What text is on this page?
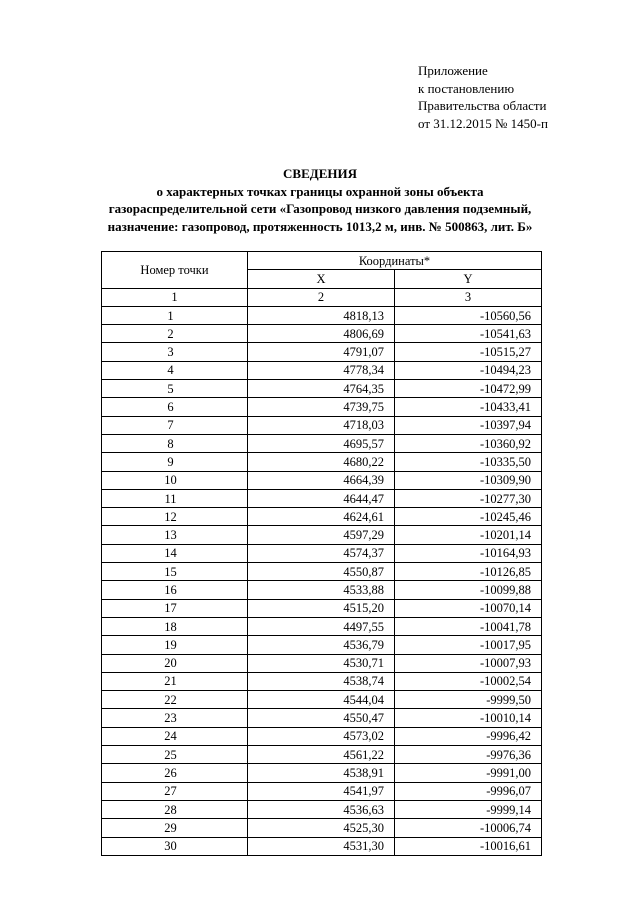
Приложение
к постановлению
Правительства области
от 31.12.2015 № 1450-п
СВЕДЕНИЯ
о характерных точках границы охранной зоны объекта
газораспределительной сети «Газопровод низкого давления подземный,
назначение: газопровод, протяженность 1013,2 м, инв. № 500863, лит. Б»
Номер точки	Координаты*	
	X	Y
1	2	3
1	4818,13	-10560,56
2	4806,69	-10541,63
3	4791,07	-10515,27
4	4778,34	-10494,23
5	4764,35	-10472,99
6	4739,75	-10433,41
7	4718,03	-10397,94
8	4695,57	-10360,92
9	4680,22	-10335,50
10	4664,39	-10309,90
11	4644,47	-10277,30
12	4624,61	-10245,46
13	4597,29	-10201,14
14	4574,37	-10164,93
15	4550,87	-10126,85
16	4533,88	-10099,88
17	4515,20	-10070,14
18	4497,55	-10041,78
19	4536,79	-10017,95
20	4530,71	-10007,93
21	4538,74	-10002,54
22	4544,04	-9999,50
23	4550,47	-10010,14
24	4573,02	-9996,42
25	4561,22	-9976,36
26	4538,91	-9991,00
27	4541,97	-9996,07
28	4536,63	-9999,14
29	4525,30	-10006,74
30	4531,30	-10016,61
